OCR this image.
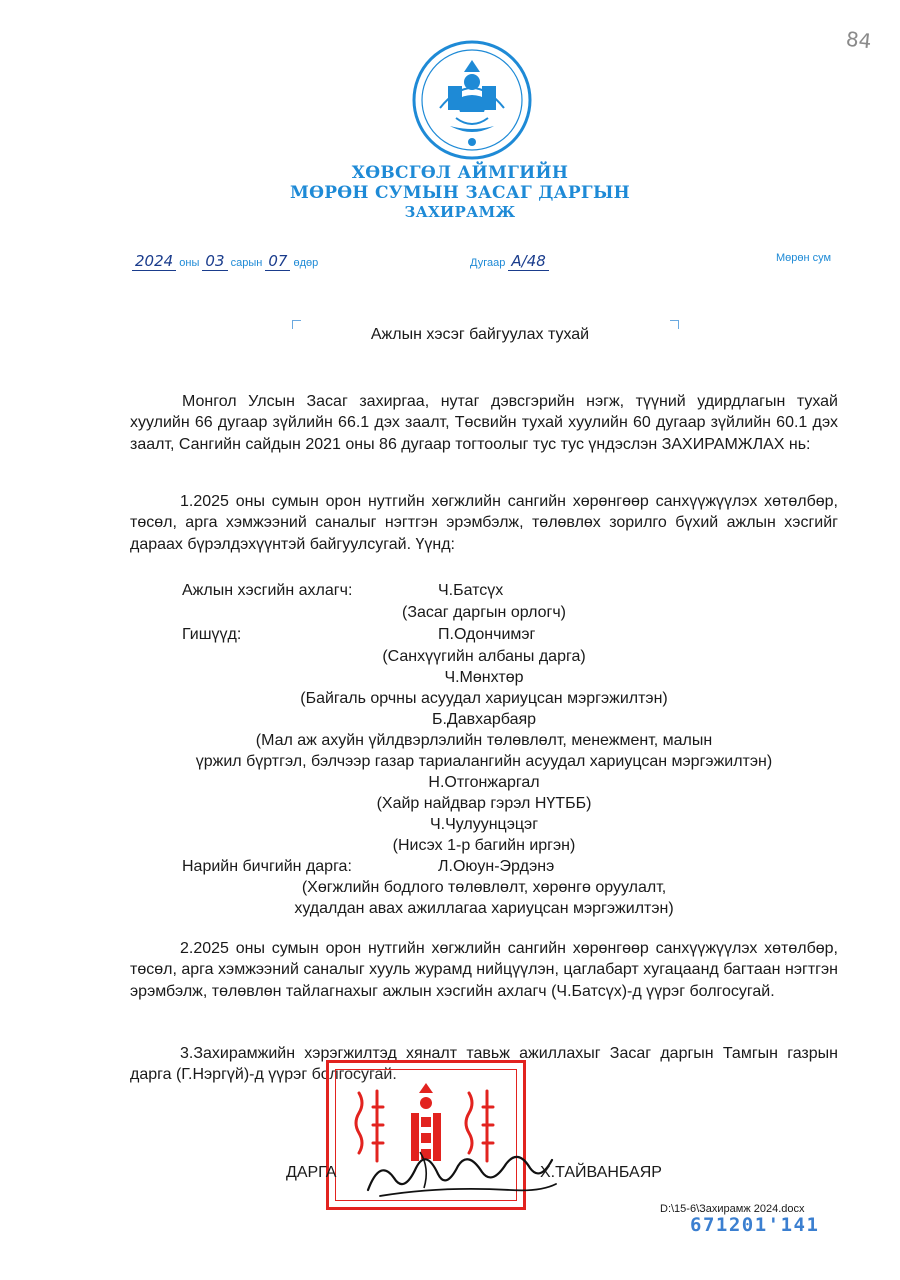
84
ХӨВСГӨЛ АЙМГИЙН
МӨРӨН СУМЫН ЗАСАГ ДАРГЫН
ЗАХИРАМЖ
2024 оны 03 сарын 07 өдөр	Дугаар А/48	Мөрөн сум
Ажлын хэсэг байгуулах тухай
Монгол Улсын Засаг захиргаа, нутаг дэвсгэрийн нэгж, түүний удирдлагын тухай хуулийн 66 дугаар зүйлийн 66.1 дэх заалт, Төсвийн тухай хуулийн 60 дугаар зүйлийн 60.1 дэх заалт, Сангийн сайдын 2021 оны 86 дугаар тогтоолыг тус тус үндэслэн ЗАХИРАМЖЛАХ нь:
1.2025 оны сумын орон нутгийн хөгжлийн сангийн хөрөнгөөр санхүүжүүлэх хөтөлбөр, төсөл, арга хэмжээний саналыг нэгтгэн эрэмбэлж, төлөвлөх зорилго бүхий ажлын хэсгийг дараах бүрэлдэхүүнтэй байгуулсугай. Үүнд:
Ажлын хэсгийн ахлагч:	Ч.Батсүх
(Засаг даргын орлогч)
Гишүүд:	П.Одончимэг
(Санхүүгийн албаны дарга)
Ч.Мөнхтөр
(Байгаль орчны асуудал хариуцсан мэргэжилтэн)
Б.Давхарбаяр
(Мал аж ахуйн үйлдвэрлэлийн төлөвлөлт, менежмент, малын
үржил бүртгэл, бэлчээр газар тариалангийн асуудал хариуцсан мэргэжилтэн)
Н.Отгонжаргал
(Хайр найдвар гэрэл НҮТББ)
Ч.Чулуунцэцэг
(Нисэх 1-р багийн иргэн)
Нарийн бичгийн дарга:	Л.Оюун-Эрдэнэ
(Хөгжлийн бодлого төлөвлөлт, хөрөнгө оруулалт,
худалдан авах ажиллагаа хариуцсан мэргэжилтэн)
2.2025 оны сумын орон нутгийн хөгжлийн сангийн хөрөнгөөр санхүүжүүлэх хөтөлбөр, төсөл, арга хэмжээний саналыг хууль журамд нийцүүлэн, цаглабарт хугацаанд багтаан нэгтгэн эрэмбэлж, төлөвлөн тайлагнахыг ажлын хэсгийн ахлагч (Ч.Батсүх)-д үүрэг болгосугай.
3.Захирамжийн хэрэгжилтэд хяналт тавьж ажиллахыг Засаг даргын Тамгын газрын дарга (Г.Нэргүй)-д үүрэг болгосугай.
ДАРГА	Х.ТАЙВАНБАЯР
D:\15-6\Захирамж 2024.docx
671201'141
